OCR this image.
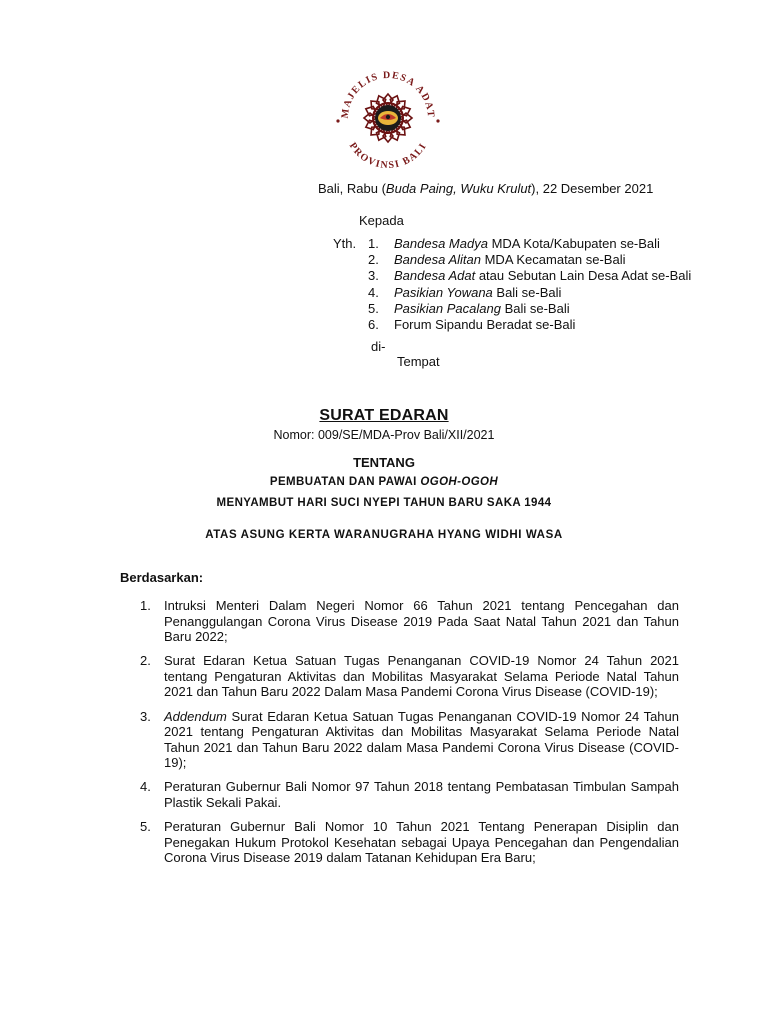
MAJELIS DESA ADAT
PROVINSI BALI
Bali, Rabu (Buda Paing, Wuku Krulut), 22 Desember 2021
Kepada
Yth. 1. Bandesa Madya MDA Kota/Kabupaten se-Bali
2. Bandesa Alitan MDA Kecamatan se-Bali
3. Bandesa Adat atau Sebutan Lain Desa Adat se-Bali
4. Pasikian Yowana Bali se-Bali
5. Pasikian Pacalang Bali se-Bali
6. Forum Sipandu Beradat se-Bali
di-
Tempat
SURAT EDARAN
Nomor: 009/SE/MDA-Prov Bali/XII/2021
TENTANG
PEMBUATAN DAN PAWAI OGOH-OGOH
MENYAMBUT HARI SUCI NYEPI TAHUN BARU SAKA 1944
ATAS ASUNG KERTA WARANUGRAHA HYANG WIDHI WASA
Berdasarkan:
1. Intruksi Menteri Dalam Negeri Nomor 66 Tahun 2021 tentang Pencegahan dan Penanggulangan Corona Virus Disease 2019 Pada Saat Natal Tahun 2021 dan Tahun Baru 2022;
2. Surat Edaran Ketua Satuan Tugas Penanganan COVID-19 Nomor 24 Tahun 2021 tentang Pengaturan Aktivitas dan Mobilitas Masyarakat Selama Periode Natal Tahun 2021 dan Tahun Baru 2022 Dalam Masa Pandemi Corona Virus Disease (COVID-19);
3. Addendum Surat Edaran Ketua Satuan Tugas Penanganan COVID-19 Nomor 24 Tahun 2021 tentang Pengaturan Aktivitas dan Mobilitas Masyarakat Selama Periode Natal Tahun 2021 dan Tahun Baru 2022 dalam Masa Pandemi Corona Virus Disease (COVID-19);
4. Peraturan Gubernur Bali Nomor 97 Tahun 2018 tentang Pembatasan Timbulan Sampah Plastik Sekali Pakai.
5. Peraturan Gubernur Bali Nomor 10 Tahun 2021 Tentang Penerapan Disiplin dan Penegakan Hukum Protokol Kesehatan sebagai Upaya Pencegahan dan Pengendalian Corona Virus Disease 2019 dalam Tatanan Kehidupan Era Baru;
